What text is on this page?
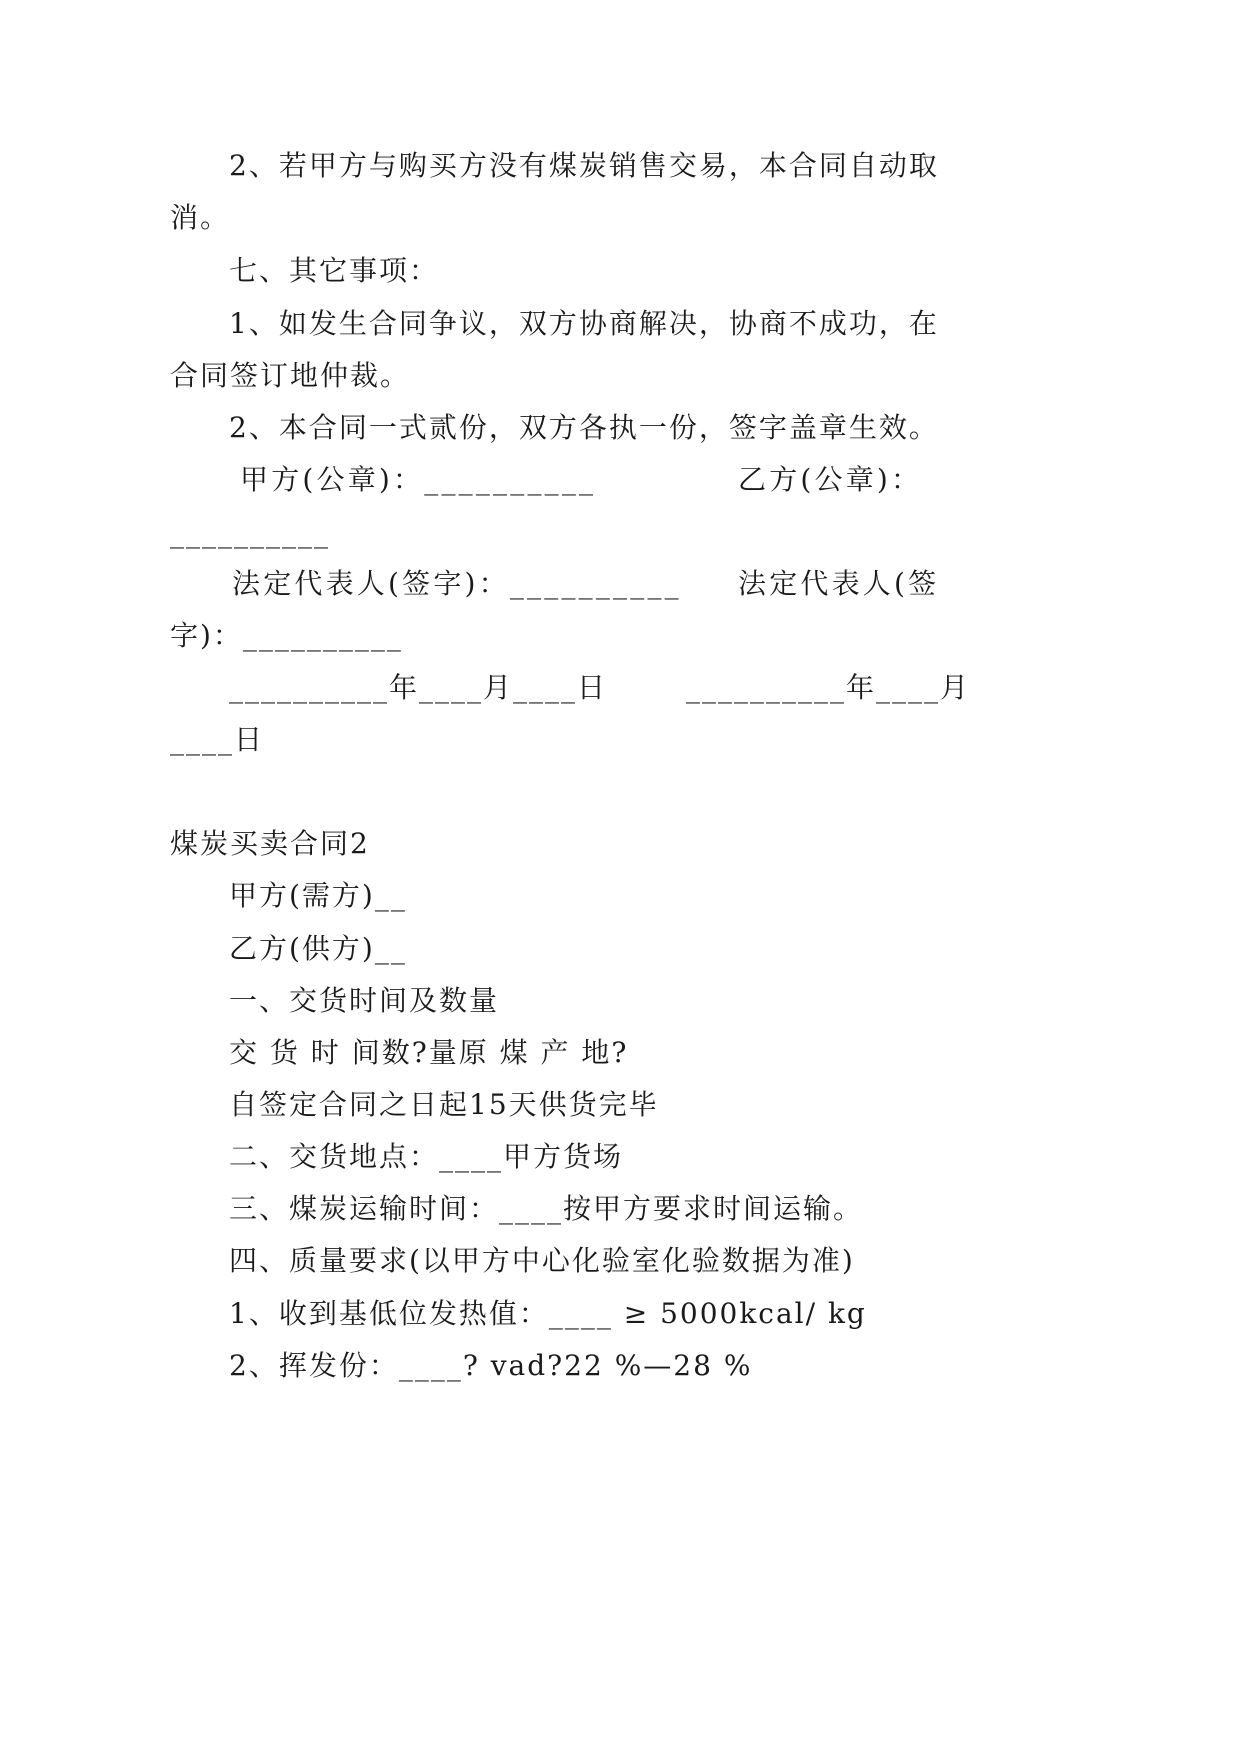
2、若甲方与购买方没有煤炭销售交易，本合同自动取
消。
七、其它事项：
1、如发生合同争议，双方协商解决，协商不成功，在
合同签订地仲裁。
2、本合同一式贰份，双方各执一份，签字盖章生效。
甲方(公章)：__________	乙方(公章)：
__________
法定代表人(签字)：__________ 法定代表人(签
字)：__________
__________年____月____日	__________年____月
____日
煤炭买卖合同2
甲方(需方)__
乙方(供方)__
一、交货时间及数量
交 货 时 间数?量原 煤 产 地?
自签定合同之日起15天供货完毕
二、交货地点：____甲方货场
三、煤炭运输时间：____按甲方要求时间运输。
四、质量要求(以甲方中心化验室化验数据为准)
1、收到基低位发热值：____ ≥ 5000kcal/ kg
2、挥发份：____? vad?22 %—28 %
